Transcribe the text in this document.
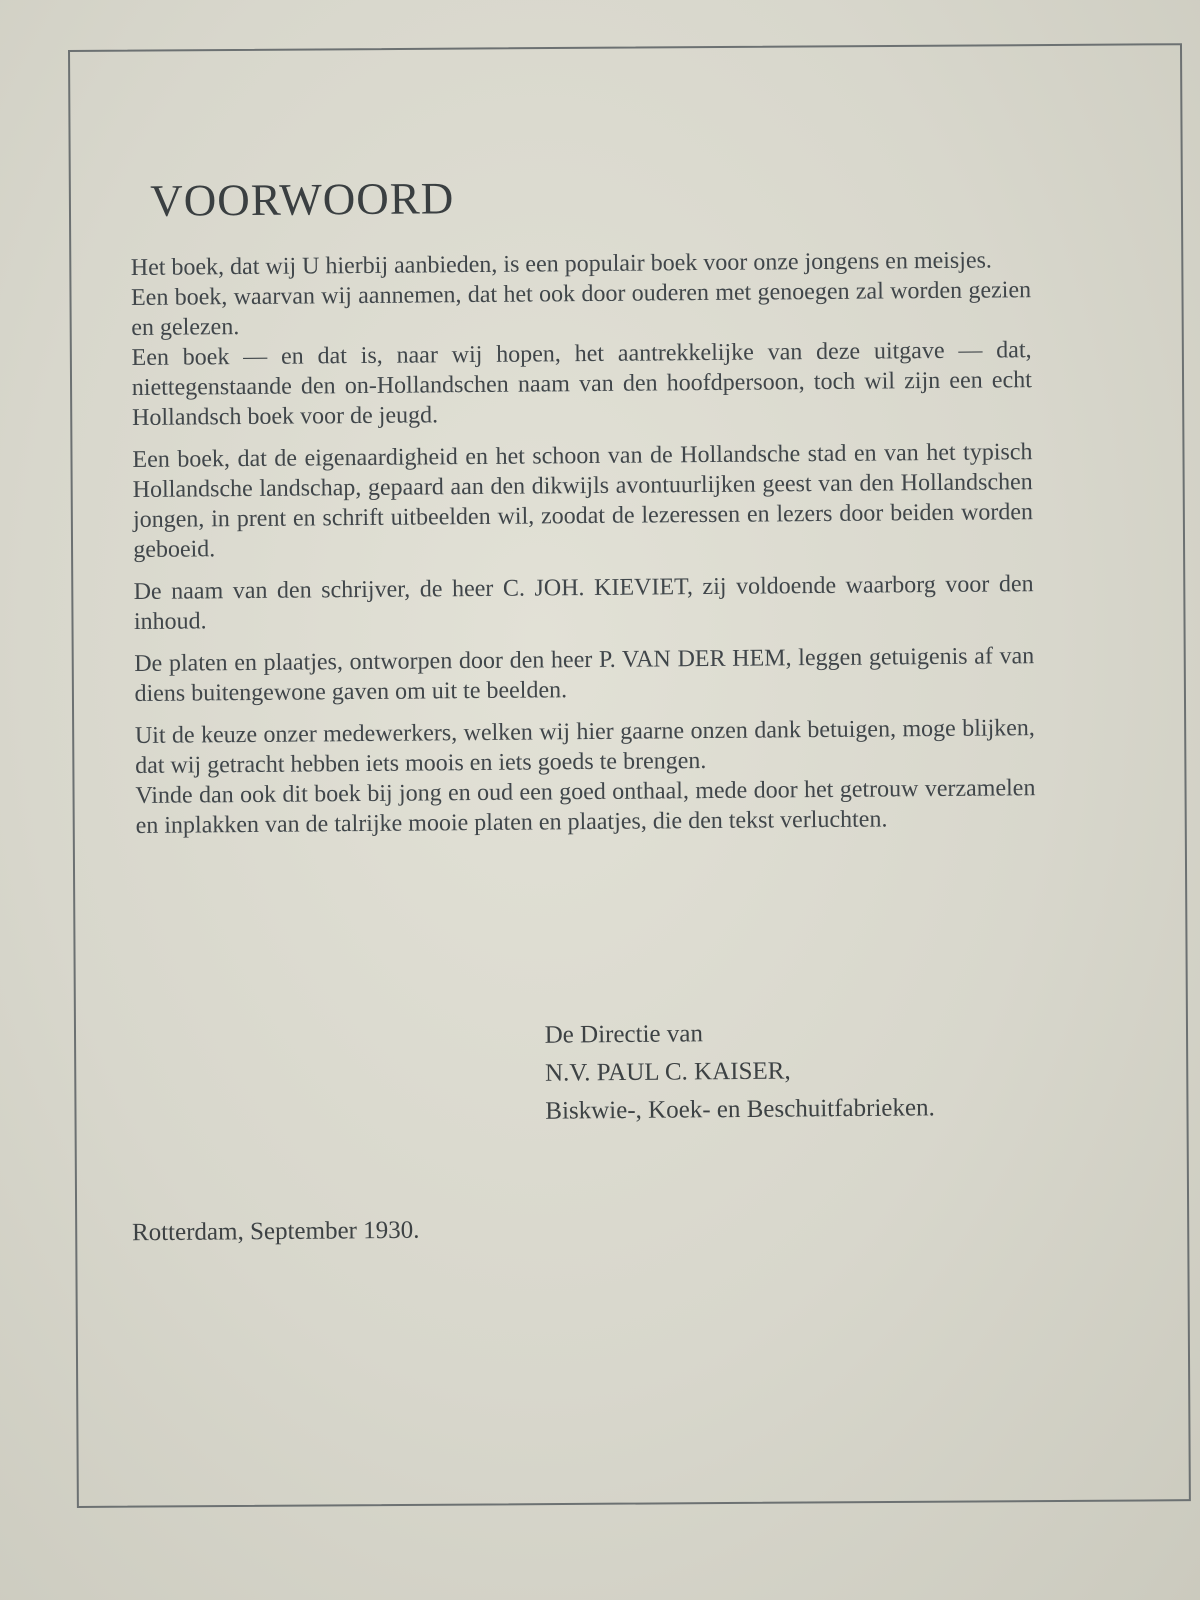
VOORWOORD

Het boek, dat wij U hierbij aanbieden, is een populair boek voor onze jongens en meisjes.

Een boek, waarvan wij aannemen, dat het ook door ouderen met genoegen zal worden gezien en gelezen.

Een boek — en dat is, naar wij hopen, het aantrekkelijke van deze uitgave — dat, niettegenstaande den on-Hollandschen naam van den hoofdpersoon, toch wil zijn een echt Hollandsch boek voor de jeugd.

Een boek, dat de eigenaardigheid en het schoon van de Hollandsche stad en van het typisch Hollandsche landschap, gepaard aan den dikwijls avontuurlijken geest van den Hollandschen jongen, in prent en schrift uitbeelden wil, zoodat de lezeressen en lezers door beiden worden geboeid.

De naam van den schrijver, de heer C. JOH. KIEVIET, zij voldoende waarborg voor den inhoud.

De platen en plaatjes, ontworpen door den heer P. VAN DER HEM, leggen getuigenis af van diens buitengewone gaven om uit te beelden.

Uit de keuze onzer medewerkers, welken wij hier gaarne onzen dank betuigen, moge blijken, dat wij getracht hebben iets moois en iets goeds te brengen.

Vinde dan ook dit boek bij jong en oud een goed onthaal, mede door het getrouw verzamelen en inplakken van de talrijke mooie platen en plaatjes, die den tekst verluchten.

De Directie van
N.V. PAUL C. KAISER,
Biskwie-, Koek- en Beschuitfabrieken.
Rotterdam, September 1930.
